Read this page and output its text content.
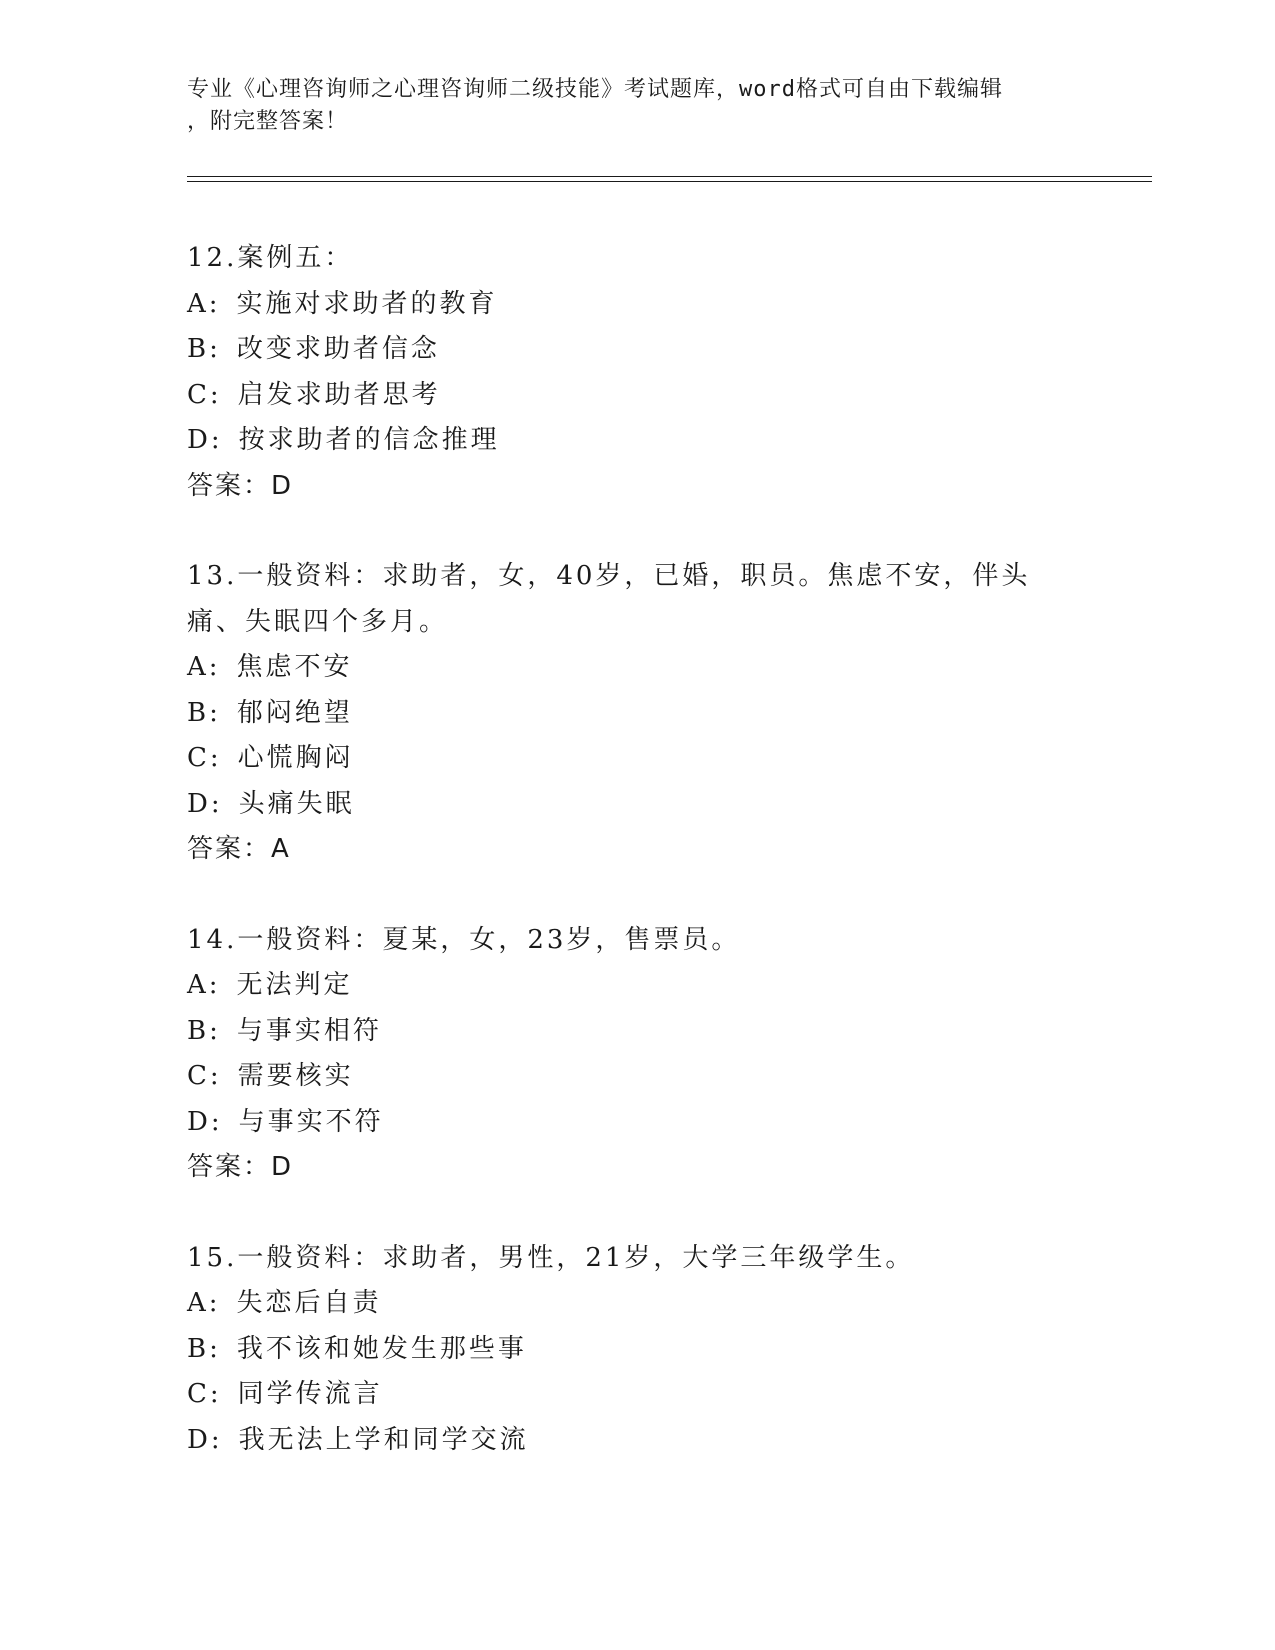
专业《心理咨询师之心理咨询师二级技能》考试题库，word格式可自由下载编辑
，附完整答案！
12.案例五：
A: 实施对求助者的教育
B: 改变求助者信念
C: 启发求助者思考
D: 按求助者的信念推理
答案：D
13.一般资料：求助者，女，40岁，已婚，职员。焦虑不安，伴头痛、失眠四个多月。
A: 焦虑不安
B: 郁闷绝望
C: 心慌胸闷
D: 头痛失眠
答案：A
14.一般资料：夏某，女，23岁，售票员。
A: 无法判定
B: 与事实相符
C: 需要核实
D: 与事实不符
答案：D
15.一般资料：求助者，男性，21岁，大学三年级学生。
A: 失恋后自责
B: 我不该和她发生那些事
C: 同学传流言
D: 我无法上学和同学交流
